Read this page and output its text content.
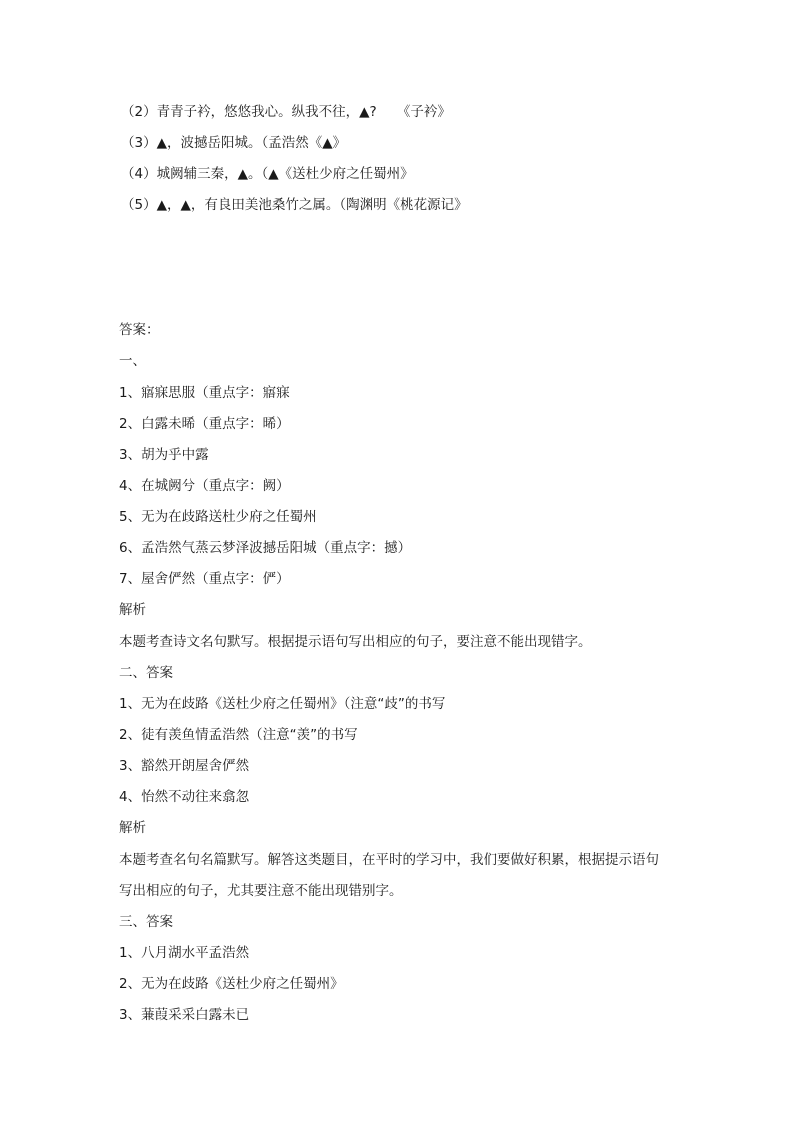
（2）青青子衿，悠悠我心。纵我不往，▲?　　《子衿》
（3）▲，波撼岳阳城。（孟浩然《▲》
（4）城阙辅三秦，▲。（▲《送杜少府之任蜀州》
（5）▲，▲，有良田美池桑竹之属。（陶渊明《桃花源记》
答案：
一、
1、寤寐思服（重点字：寤寐
2、白露未晞（重点字：晞）
3、胡为乎中露
4、在城阙兮（重点字：阙）
5、无为在歧路送杜少府之任蜀州
6、孟浩然气蒸云梦泽波撼岳阳城（重点字：撼）
7、屋舍俨然（重点字：俨）
解析
本题考查诗文名句默写。根据提示语句写出相应的句子，要注意不能出现错字。
二、答案
1、无为在歧路《送杜少府之任蜀州》（注意“歧”的书写
2、徒有羡鱼情孟浩然（注意“羡”的书写
3、豁然开朗屋舍俨然
4、怡然不动往来翕忽
解析
本题考查名句名篇默写。解答这类题目，在平时的学习中，我们要做好积累，根据提示语句
写出相应的句子，尤其要注意不能出现错别字。
三、答案
1、八月湖水平孟浩然
2、无为在歧路《送杜少府之任蜀州》
3、蒹葭采采白露未已
